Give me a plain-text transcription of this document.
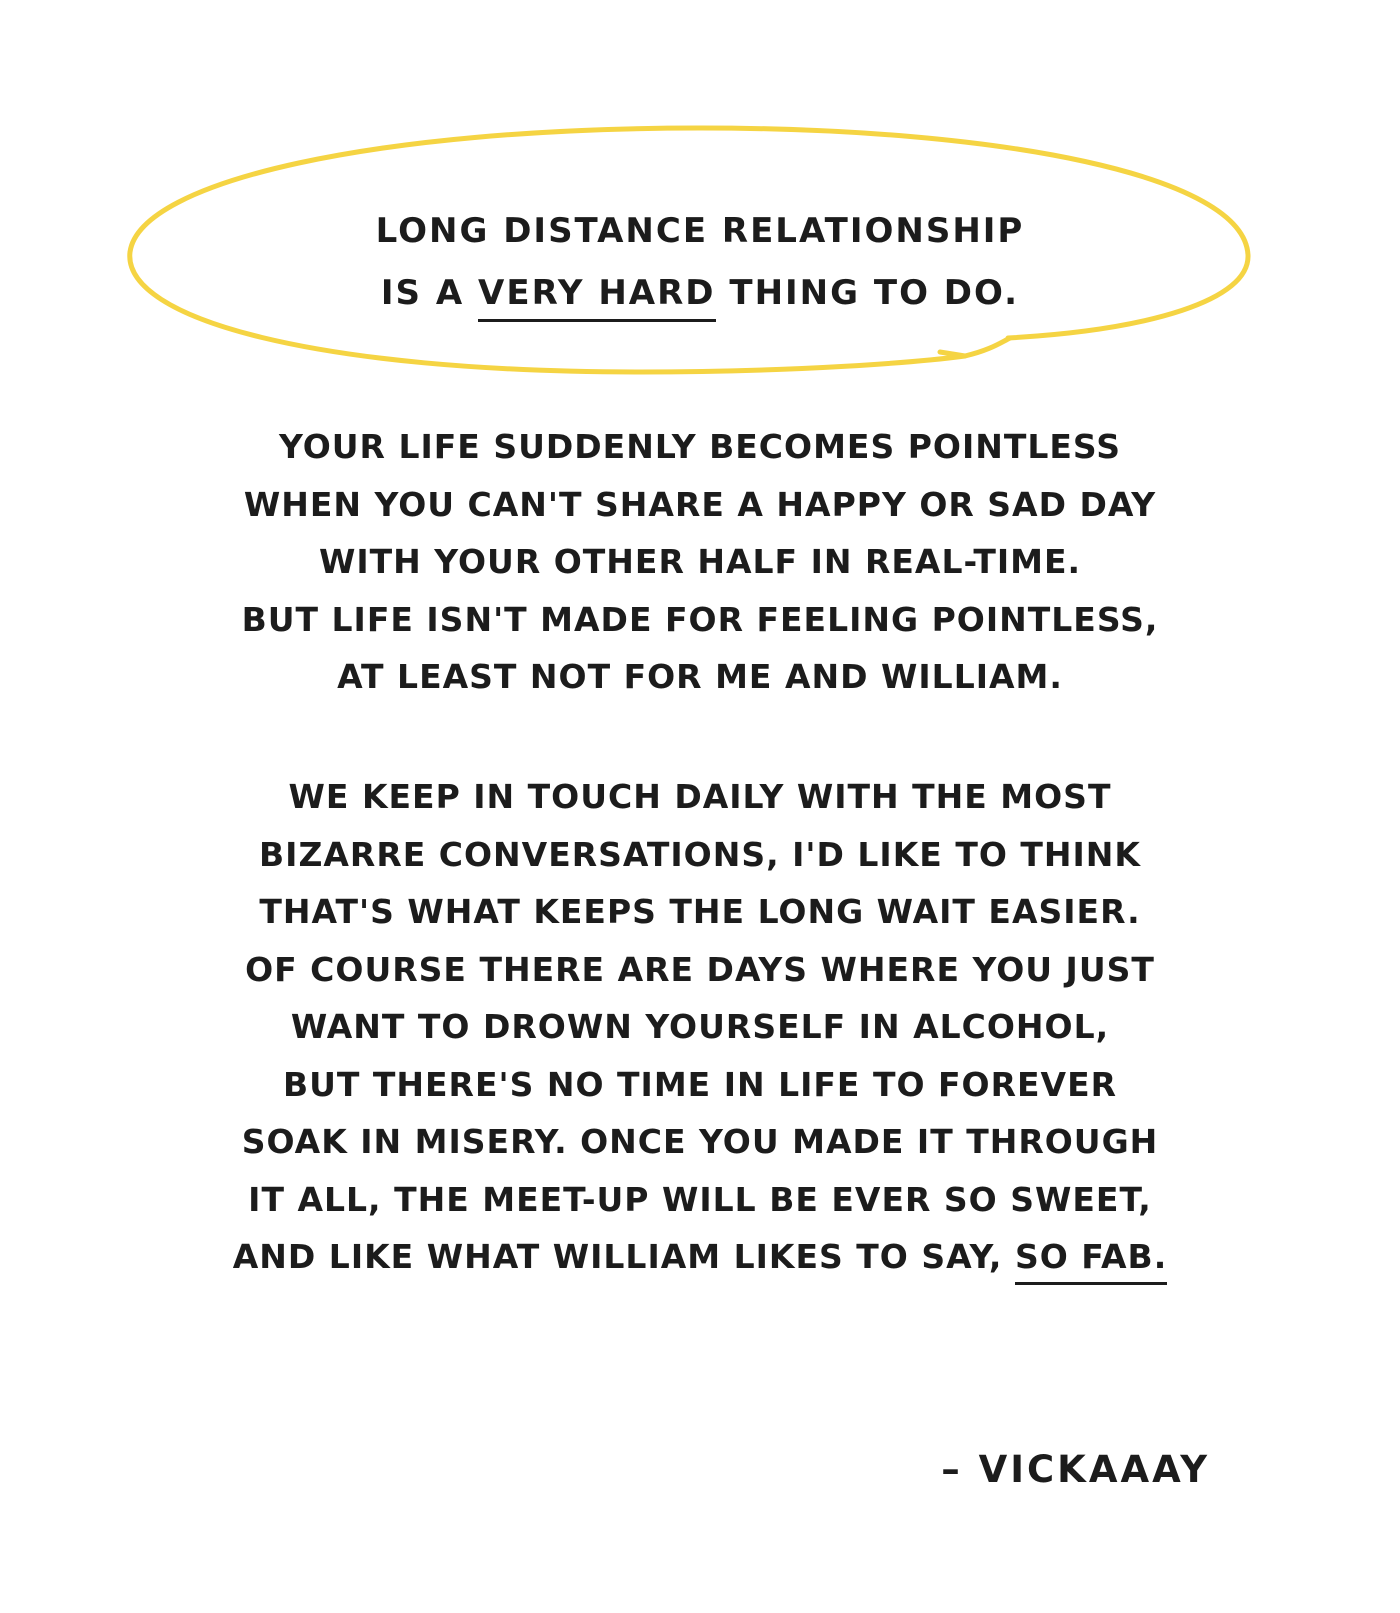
LONG DISTANCE RELATIONSHIP
IS A VERY HARD THING TO DO.
YOUR LIFE SUDDENLY BECOMES POINTLESS
WHEN YOU CAN'T SHARE A HAPPY OR SAD DAY
WITH YOUR OTHER HALF IN REAL-TIME.
BUT LIFE ISN'T MADE FOR FEELING POINTLESS,
AT LEAST NOT FOR ME AND WILLIAM.
WE KEEP IN TOUCH DAILY WITH THE MOST
BIZARRE CONVERSATIONS, I'D LIKE TO THINK
THAT'S WHAT KEEPS THE LONG WAIT EASIER.
OF COURSE THERE ARE DAYS WHERE YOU JUST
WANT TO DROWN YOURSELF IN ALCOHOL,
BUT THERE'S NO TIME IN LIFE TO FOREVER
SOAK IN MISERY. ONCE YOU MADE IT THROUGH
IT ALL, THE MEET-UP WILL BE EVER SO SWEET,
AND LIKE WHAT WILLIAM LIKES TO SAY, SO FAB.
– VICKAAAY
